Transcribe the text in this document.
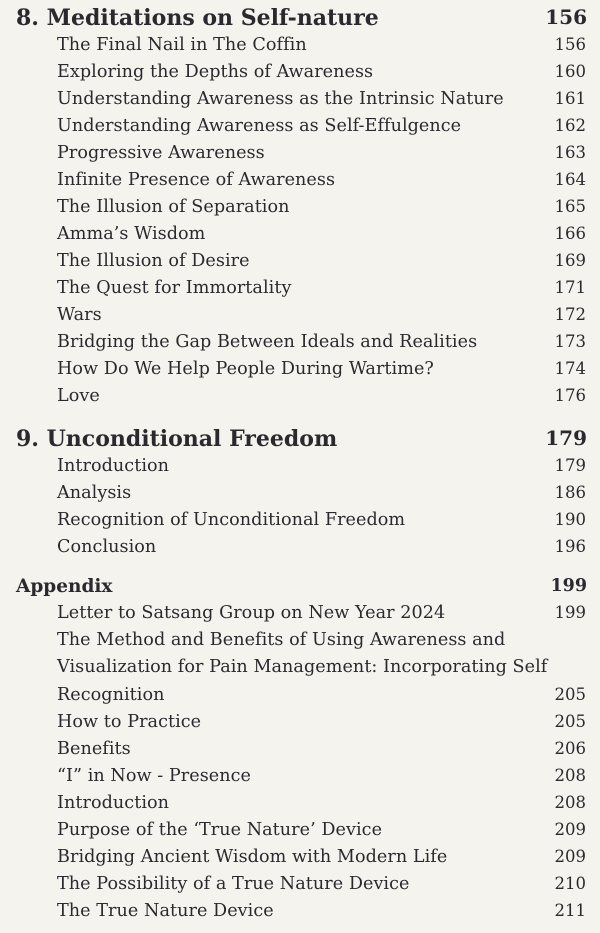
8. Meditations on Self-nature	156
The Final Nail in The Coffin	156
Exploring the Depths of Awareness	160
Understanding Awareness as the Intrinsic Nature	161
Understanding Awareness as Self-Effulgence	162
Progressive Awareness	163
Infinite Presence of Awareness	164
The Illusion of Separation	165
Amma’s Wisdom	166
The Illusion of Desire	169
The Quest for Immortality	171
Wars	172
Bridging the Gap Between Ideals and Realities	173
How Do We Help People During Wartime?	174
Love	176
9. Unconditional Freedom	179
Introduction	179
Analysis	186
Recognition of Unconditional Freedom	190
Conclusion	196
Appendix	199
Letter to Satsang Group on New Year 2024	199
The Method and Benefits of Using Awareness and
Visualization for Pain Management: Incorporating Self
Recognition	205
How to Practice	205
Benefits	206
“I” in Now - Presence	208
Introduction	208
Purpose of the ‘True Nature’ Device	209
Bridging Ancient Wisdom with Modern Life	209
The Possibility of a True Nature Device	210
The True Nature Device	211
